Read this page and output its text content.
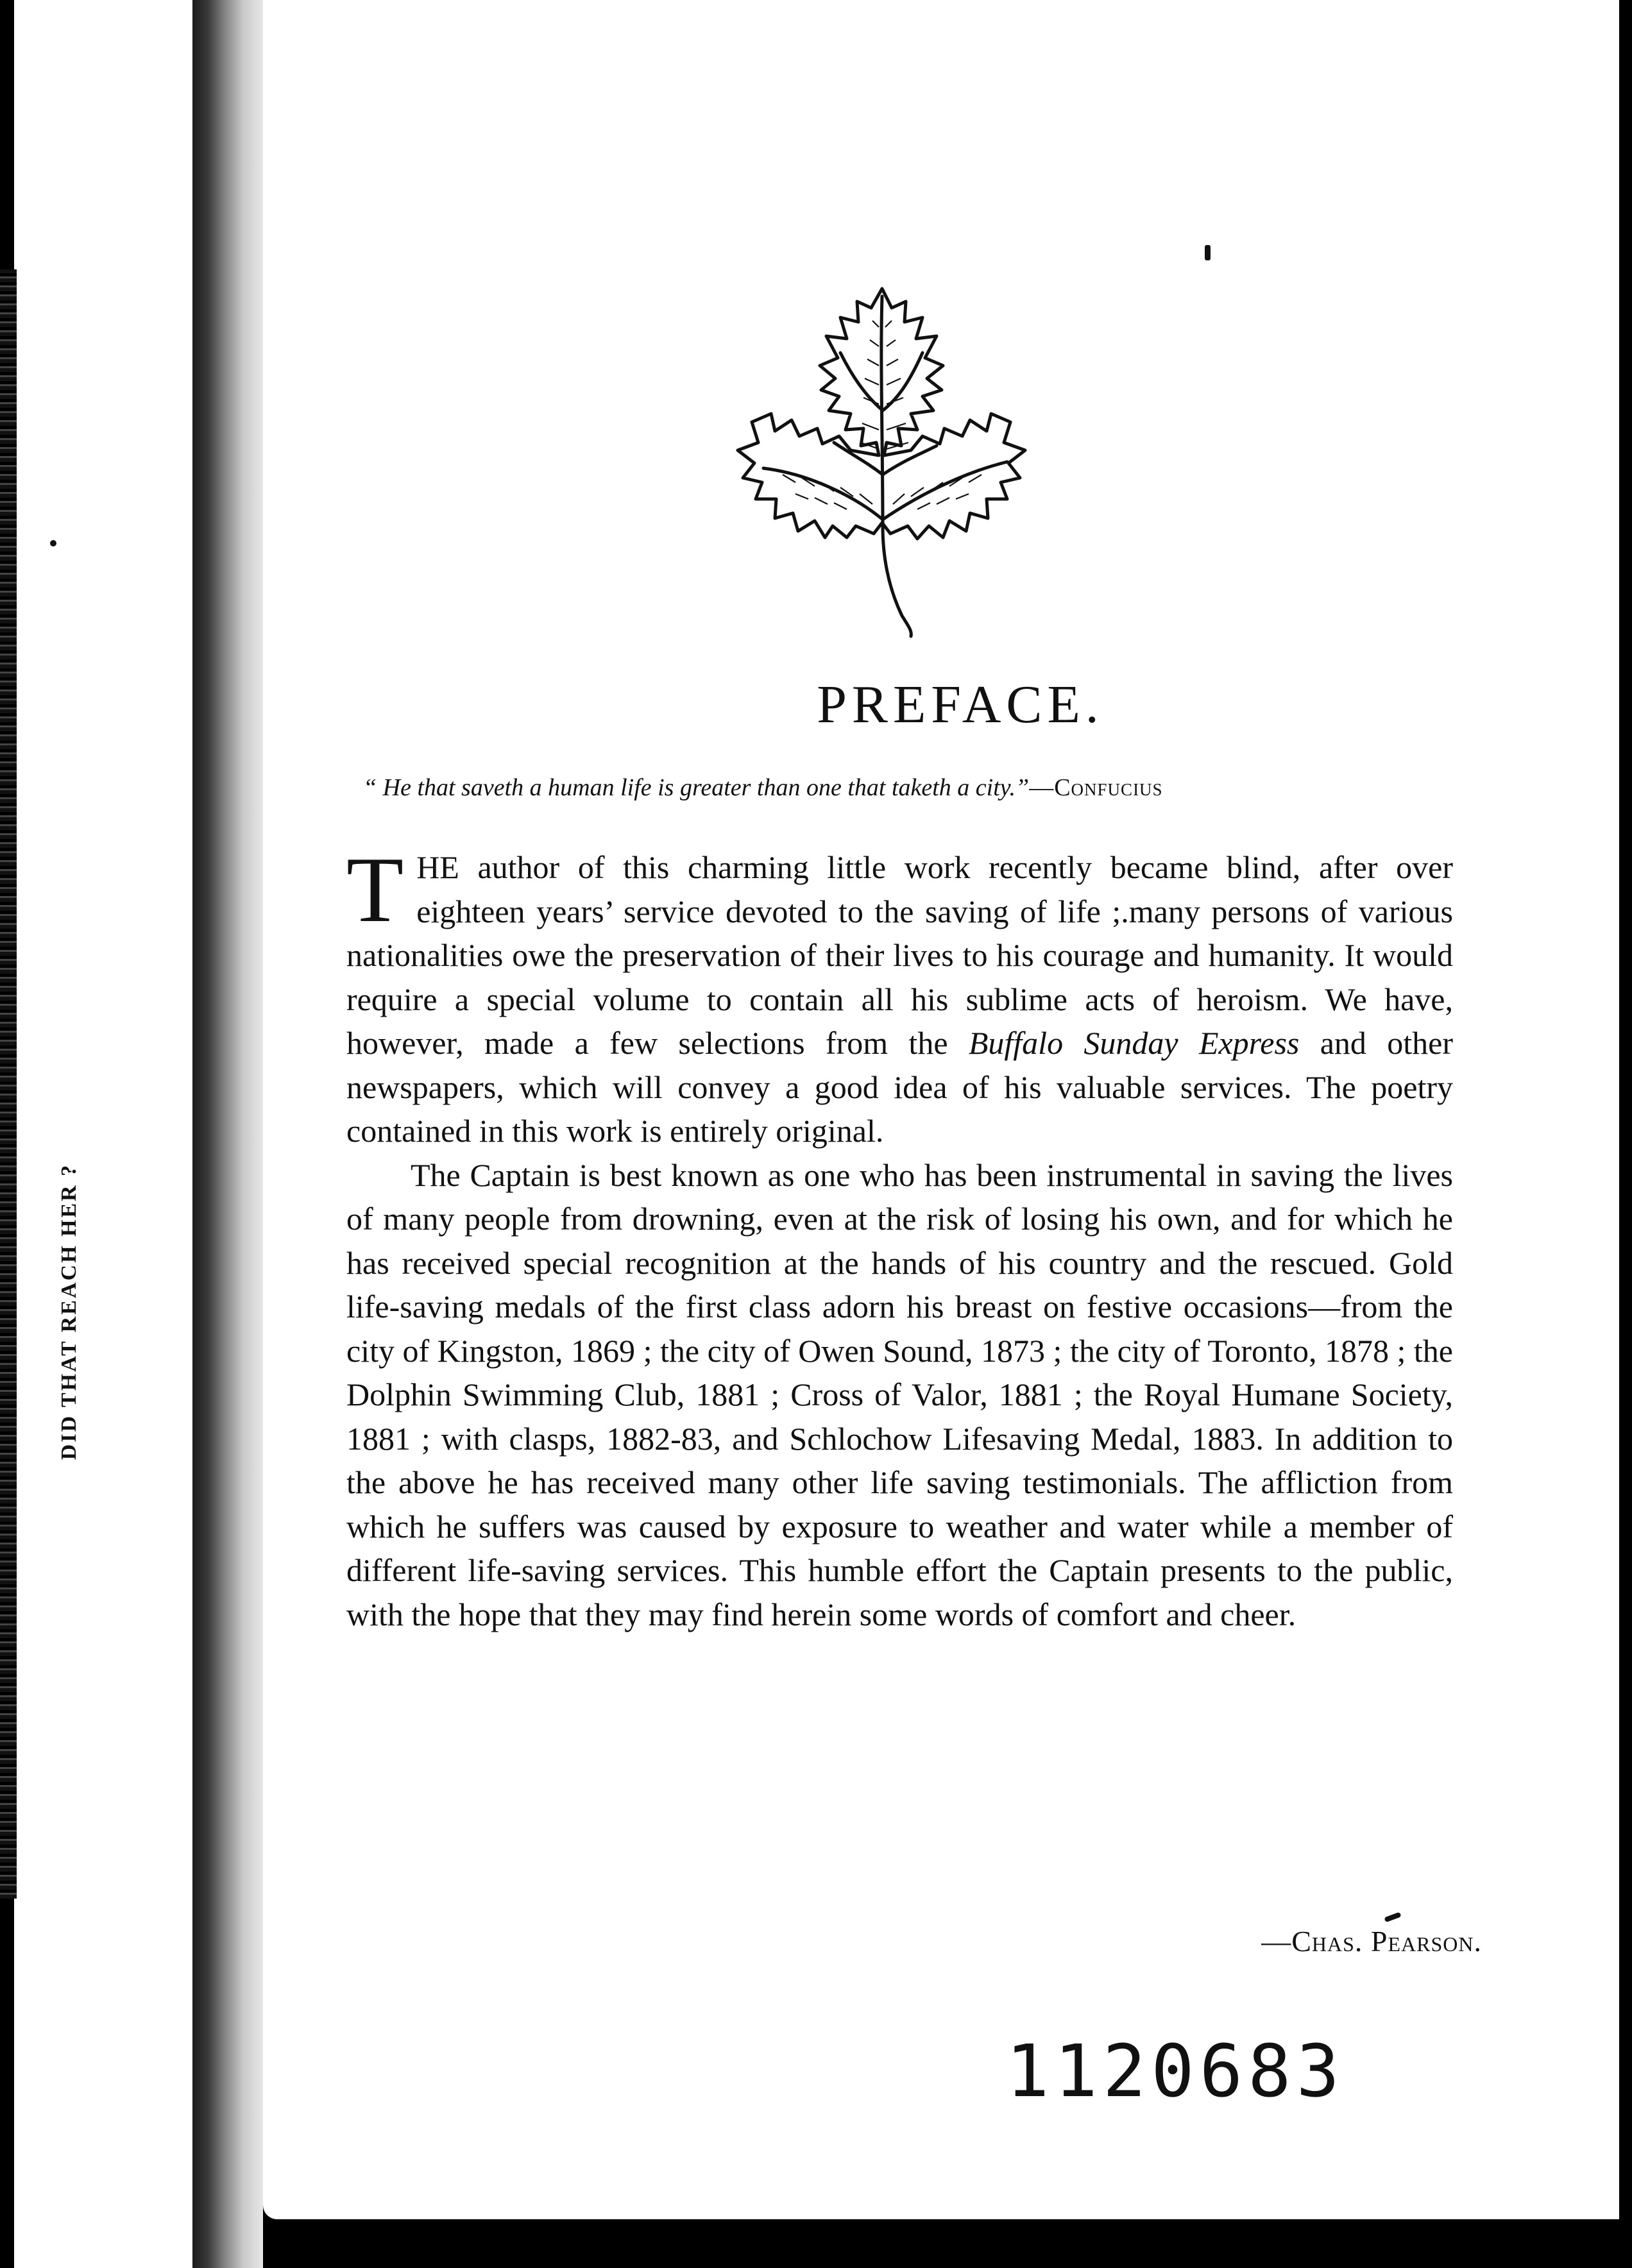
DID THAT REACH HER ?
PREFACE.
“ He that saveth a human life is greater than one that taketh a city.”—Confucius

THE author of this charming little work recently became blind, after over eighteen years’ service devoted to the saving of life ;.many persons of various nationalities owe the preservation of their lives to his courage and humanity. It would require a special volume to contain all his sublime acts of heroism. We have, however, made a few selections from the Buffalo Sunday Express and other newspapers, which will convey a good idea of his valuable services. The poetry contained in this work is entirely original.

The Captain is best known as one who has been instrumental in saving the lives of many people from drowning, even at the risk of losing his own, and for which he has received special recognition at the hands of his country and the rescued. Gold life-saving medals of the first class adorn his breast on festive occasions—from the city of Kingston, 1869 ; the city of Owen Sound, 1873 ; the city of Toronto, 1878 ; the Dolphin Swimming Club, 1881 ; Cross of Valor, 1881 ; the Royal Humane Society, 1881 ; with clasps, 1882-83, and Schlochow Lifesaving Medal, 1883. In addition to the above he has received many other life saving testimonials. The affliction from which he suffers was caused by exposure to weather and water while a member of different life-saving services. This humble effort the Captain presents to the public, with the hope that they may find herein some words of comfort and cheer.

—Chas. Pearson.
1120683
